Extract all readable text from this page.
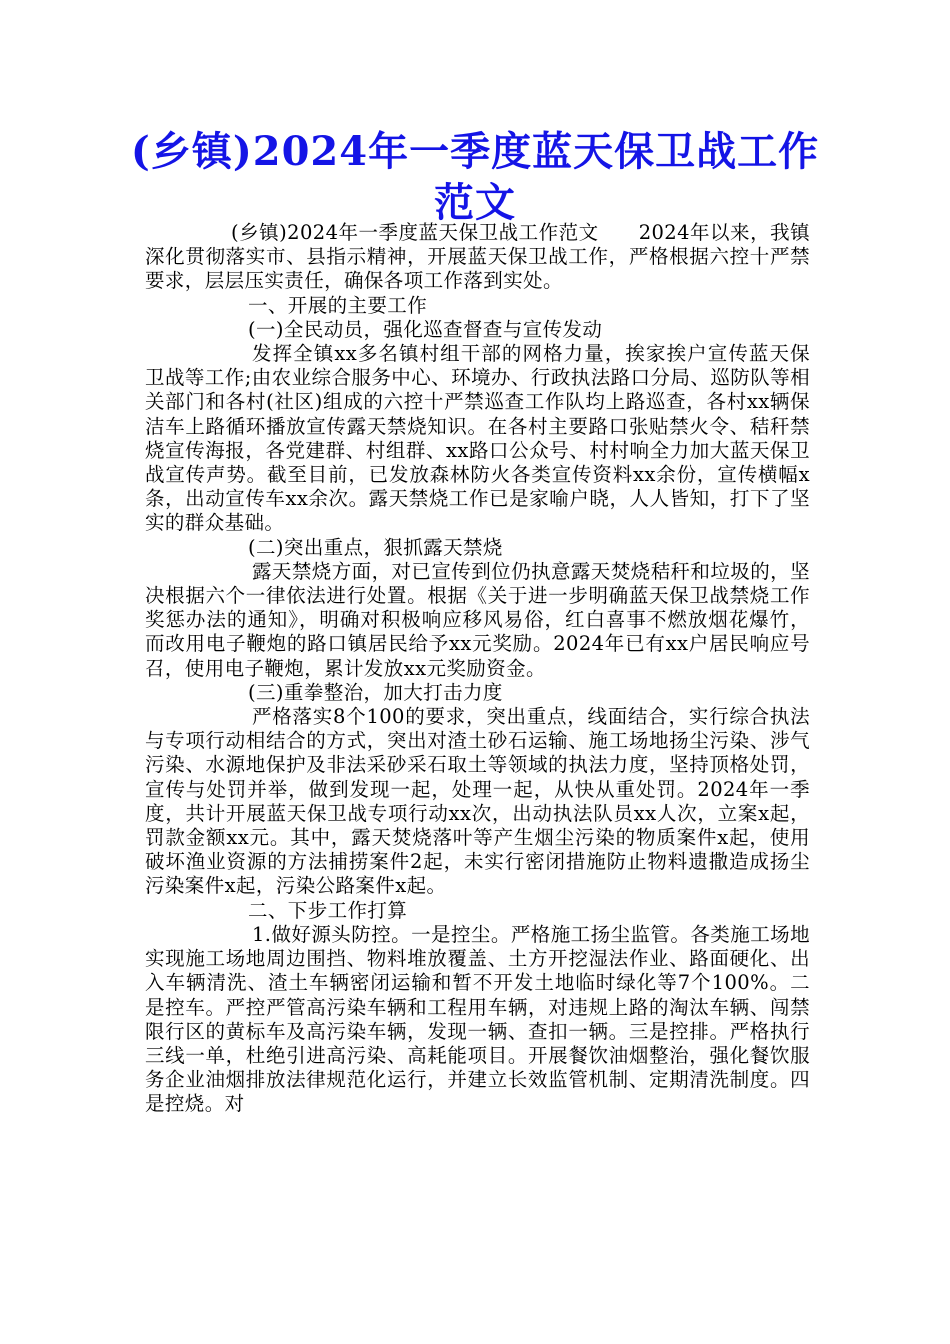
(乡镇)2024年一季度蓝天保卫战工作范文

(乡镇)2024年一季度蓝天保卫战工作范文　　2024年以来，我镇深化贯彻落实市、县指示精神，开展蓝天保卫战工作，严格根据六控十严禁要求，层层压实责任，确保各项工作落到实处。

一、开展的主要工作

(一)全民动员，强化巡查督查与宣传发动

发挥全镇xx多名镇村组干部的网格力量，挨家挨户宣传蓝天保卫战等工作;由农业综合服务中心、环境办、行政执法路口分局、巡防队等相关部门和各村(社区)组成的六控十严禁巡查工作队均上路巡查，各村xx辆保洁车上路循环播放宣传露天禁烧知识。在各村主要路口张贴禁火令、秸秆禁烧宣传海报，各党建群、村组群、xx路口公众号、村村响全力加大蓝天保卫战宣传声势。截至目前，已发放森林防火各类宣传资料xx余份，宣传横幅x条，出动宣传车xx余次。露天禁烧工作已是家喻户晓，人人皆知，打下了坚实的群众基础。

(二)突出重点，狠抓露天禁烧

露天禁烧方面，对已宣传到位仍执意露天焚烧秸秆和垃圾的，坚决根据六个一律依法进行处置。根据《关于进一步明确蓝天保卫战禁烧工作奖惩办法的通知》，明确对积极响应移风易俗，红白喜事不燃放烟花爆竹，而改用电子鞭炮的路口镇居民给予xx元奖励。2024年已有xx户居民响应号召，使用电子鞭炮，累计发放xx元奖励资金。

(三)重拳整治，加大打击力度

严格落实8个100的要求，突出重点，线面结合，实行综合执法与专项行动相结合的方式，突出对渣土砂石运输、施工场地扬尘污染、涉气污染、水源地保护及非法采砂采石取土等领域的执法力度，坚持顶格处罚，宣传与处罚并举，做到发现一起，处理一起，从快从重处罚。2024年一季度，共计开展蓝天保卫战专项行动xx次，出动执法队员xx人次，立案x起，罚款金额xx元。其中，露天焚烧落叶等产生烟尘污染的物质案件x起，使用破坏渔业资源的方法捕捞案件2起，未实行密闭措施防止物料遗撒造成扬尘污染案件x起，污染公路案件x起。

二、下步工作打算

1.做好源头防控。一是控尘。严格施工扬尘监管。各类施工场地实现施工场地周边围挡、物料堆放覆盖、土方开挖湿法作业、路面硬化、出入车辆清洗、渣土车辆密闭运输和暂不开发土地临时绿化等7个100%。二是控车。严控严管高污染车辆和工程用车辆，对违规上路的淘汰车辆、闯禁限行区的黄标车及高污染车辆，发现一辆、查扣一辆。三是控排。严格执行三线一单，杜绝引进高污染、高耗能项目。开展餐饮油烟整治，强化餐饮服务企业油烟排放法律规范化运行，并建立长效监管机制、定期清洗制度。四是控烧。对
